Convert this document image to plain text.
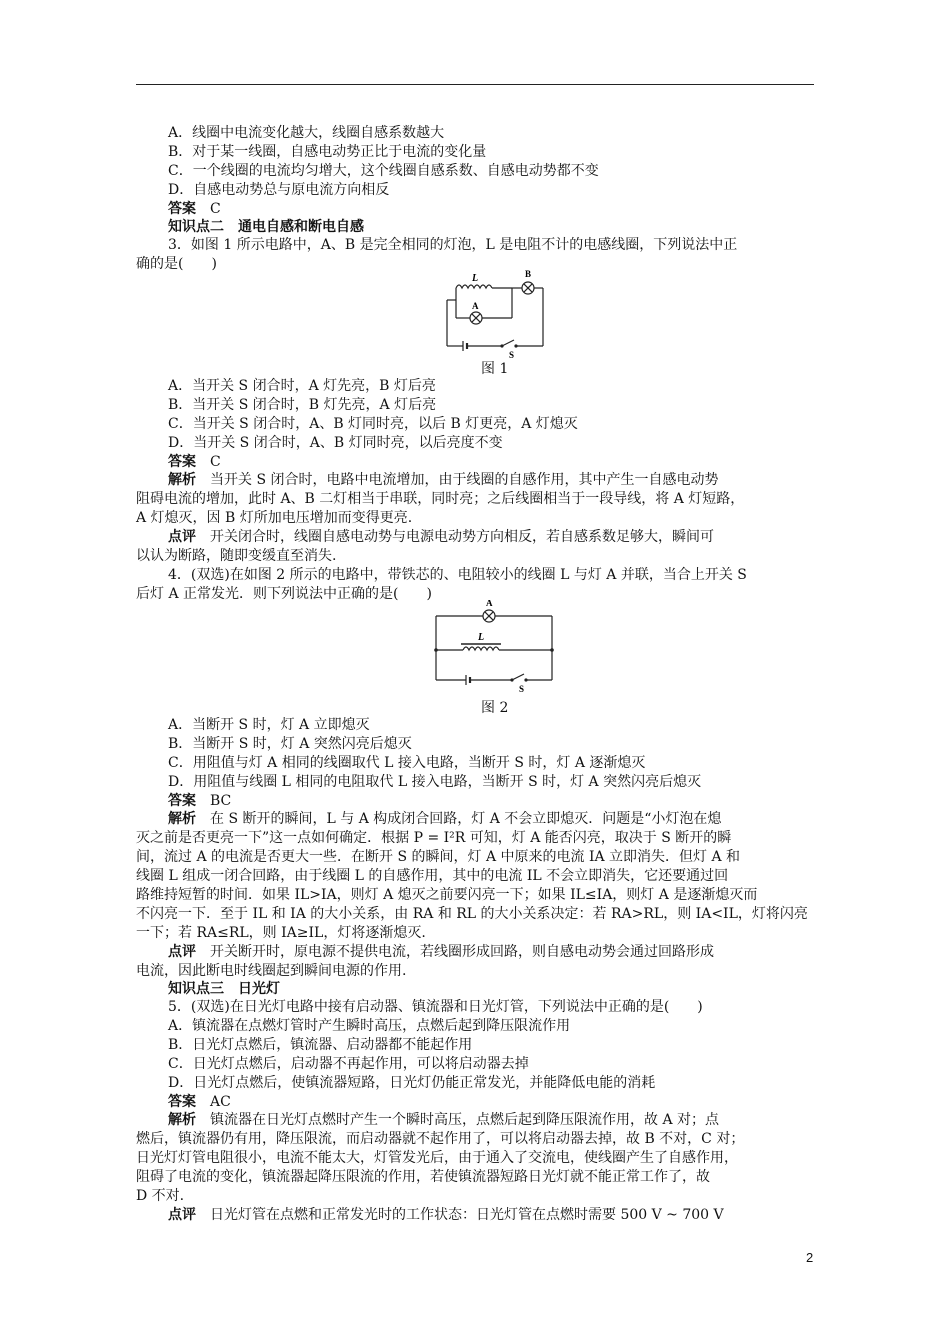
A．线圈中电流变化越大，线圈自感系数越大
B．对于某一线圈，自感电动势正比于电流的变化量
C．一个线圈的电流均匀增大，这个线圈自感系数、自感电动势都不变
D．自感电动势总与原电流方向相反
答案　 C
知识点二　通电自感和断电自感
3．如图 1 所示电路中，A、B 是完全相同的灯泡，L 是电阻不计的电感线圈，下列说法中正
确的是(　　)
L
A
B
S
图 1
A．当开关 S 闭合时，A 灯先亮，B 灯后亮
B．当开关 S 闭合时，B 灯先亮，A 灯后亮
C．当开关 S 闭合时，A、B 灯同时亮，以后 B 灯更亮，A 灯熄灭
D．当开关 S 闭合时，A、B 灯同时亮，以后亮度不变
答案　 C
解析　 当开关 S 闭合时，电路中电流增加，由于线圈的自感作用，其中产生一自感电动势
阻碍电流的增加，此时 A、B 二灯相当于串联，同时亮；之后线圈相当于一段导线，将 A 灯短路，
A 灯熄灭，因 B 灯所加电压增加而变得更亮.
点评　 开关闭合时，线圈自感电动势与电源电动势方向相反，若自感系数足够大，瞬间可
以认为断路，随即变缓直至消失.
4．(双选)在如图 2 所示的电路中，带铁芯的、电阻较小的线圈 L 与灯 A 并联，当合上开关 S
后灯 A 正常发光．则下列说法中正确的是(　　)
A
L
S
图 2
A．当断开 S 时，灯 A 立即熄灭
B．当断开 S 时，灯 A 突然闪亮后熄灭
C．用阻值与灯 A 相同的线圈取代 L 接入电路，当断开 S 时，灯 A 逐渐熄灭
D．用阻值与线圈 L 相同的电阻取代 L 接入电路，当断开 S 时，灯 A 突然闪亮后熄灭
答案　 BC
解析　 在 S 断开的瞬间，L 与 A 构成闭合回路，灯 A 不会立即熄灭．问题是“小灯泡在熄
灭之前是否更亮一下”这一点如何确定．根据 P = I²R 可知，灯 A 能否闪亮，取决于 S 断开的瞬
间，流过 A 的电流是否更大一些．在断开 S 的瞬间，灯 A 中原来的电流 IA 立即消失．但灯 A 和
线圈 L 组成一闭合回路，由于线圈 L 的自感作用，其中的电流 IL 不会立即消失，它还要通过回
路维持短暂的时间．如果 IL>IA，则灯 A 熄灭之前要闪亮一下；如果 IL≤IA，则灯 A 是逐渐熄灭而
不闪亮一下．至于 IL 和 IA 的大小关系，由 RA 和 RL 的大小关系决定：若 RA>RL，则 IA<IL，灯将闪亮
一下；若 RA≤RL，则 IA≥IL，灯将逐渐熄灭.
点评　 开关断开时，原电源不提供电流，若线圈形成回路，则自感电动势会通过回路形成
电流，因此断电时线圈起到瞬间电源的作用.
知识点三　日光灯
5．(双选)在日光灯电路中接有启动器、镇流器和日光灯管，下列说法中正确的是(　　)
A．镇流器在点燃灯管时产生瞬时高压，点燃后起到降压限流作用
B．日光灯点燃后，镇流器、启动器都不能起作用
C．日光灯点燃后，启动器不再起作用，可以将启动器去掉
D．日光灯点燃后，使镇流器短路，日光灯仍能正常发光，并能降低电能的消耗
答案　 AC
解析　 镇流器在日光灯点燃时产生一个瞬时高压，点燃后起到降压限流作用，故 A 对；点
燃后，镇流器仍有用，降压限流，而启动器就不起作用了，可以将启动器去掉，故 B 不对，C 对；
日光灯灯管电阻很小，电流不能太大，灯管发光后，由于通入了交流电，使线圈产生了自感作用，
阻碍了电流的变化，镇流器起降压限流的作用，若使镇流器短路日光灯就不能正常工作了，故
D 不对.
点评　 日光灯管在点燃和正常发光时的工作状态：日光灯管在点燃时需要 500 V ~ 700 V
2
